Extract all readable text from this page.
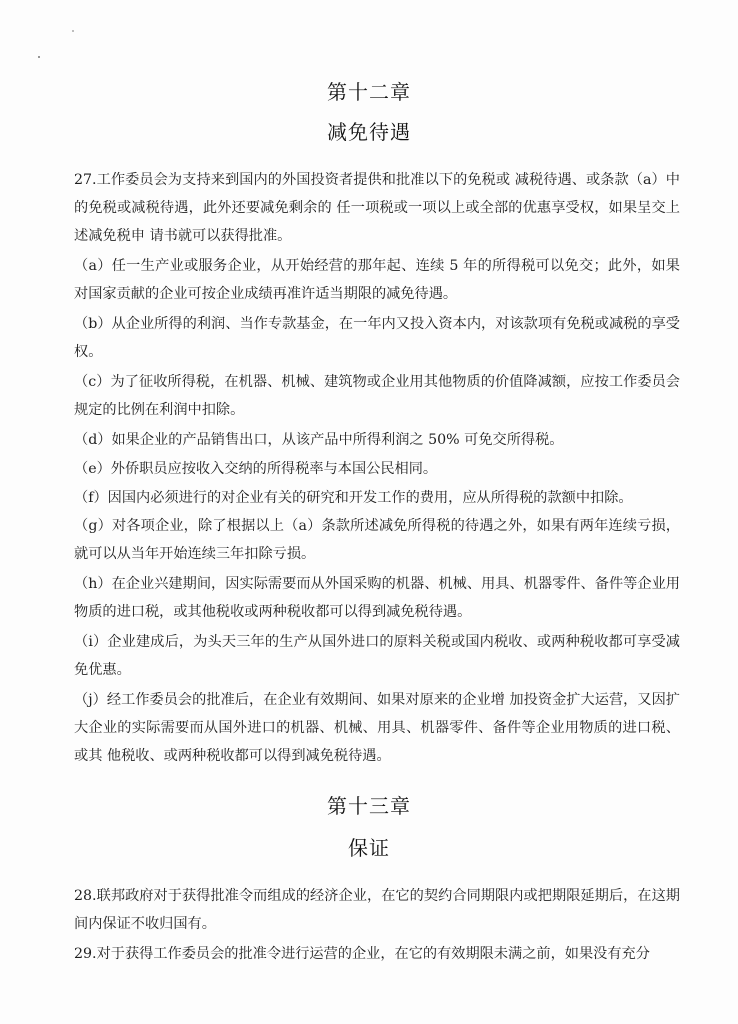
第十二章
减免待遇
27.工作委员会为支持来到国内的外国投资者提供和批准以下的免税或 减税待遇、或条款（a）中的免税或减税待遇，此外还要减免剩余的 任一项税或一项以上或全部的优惠享受权，如果呈交上述减免税申 请书就可以获得批准。
（a）任一生产业或服务企业，从开始经营的那年起、连续 5 年的所得税可以免交；此外，如果对国家贡献的企业可按企业成绩再准许适当期限的减免待遇。
（b）从企业所得的利润、当作专款基金，在一年内又投入资本内，对该款项有免税或减税的享受权。
（c）为了征收所得税，在机器、机械、建筑物或企业用其他物质的价值降减额，应按工作委员会规定的比例在利润中扣除。
（d）如果企业的产品销售出口，从该产品中所得利润之 50% 可免交所得税。
（e）外侨职员应按收入交纳的所得税率与本国公民相同。
（f）因国内必须进行的对企业有关的研究和开发工作的费用，应从所得税的款额中扣除。
（g）对各项企业，除了根据以上（a）条款所述减免所得税的待遇之外，如果有两年连续亏损，就可以从当年开始连续三年扣除亏损。
（h）在企业兴建期间，因实际需要而从外国采购的机器、机械、用具、机器零件、备件等企业用物质的进口税，或其他税收或两种税收都可以得到减免税待遇。
（i）企业建成后，为头天三年的生产从国外进口的原料关税或国内税收、或两种税收都可享受减免优惠。
（j）经工作委员会的批准后，在企业有效期间、如果对原来的企业增 加投资金扩大运营，又因扩大企业的实际需要而从国外进口的机器、机械、用具、机器零件、备件等企业用物质的进口税、或其 他税收、或两种税收都可以得到减免税待遇。
第十三章
保证
28.联邦政府对于获得批准令而组成的经济企业，在它的契约合同期限内或把期限延期后，在这期间内保证不收归国有。
29.对于获得工作委员会的批准令进行运营的企业，在它的有效期限未满之前，如果没有充分
